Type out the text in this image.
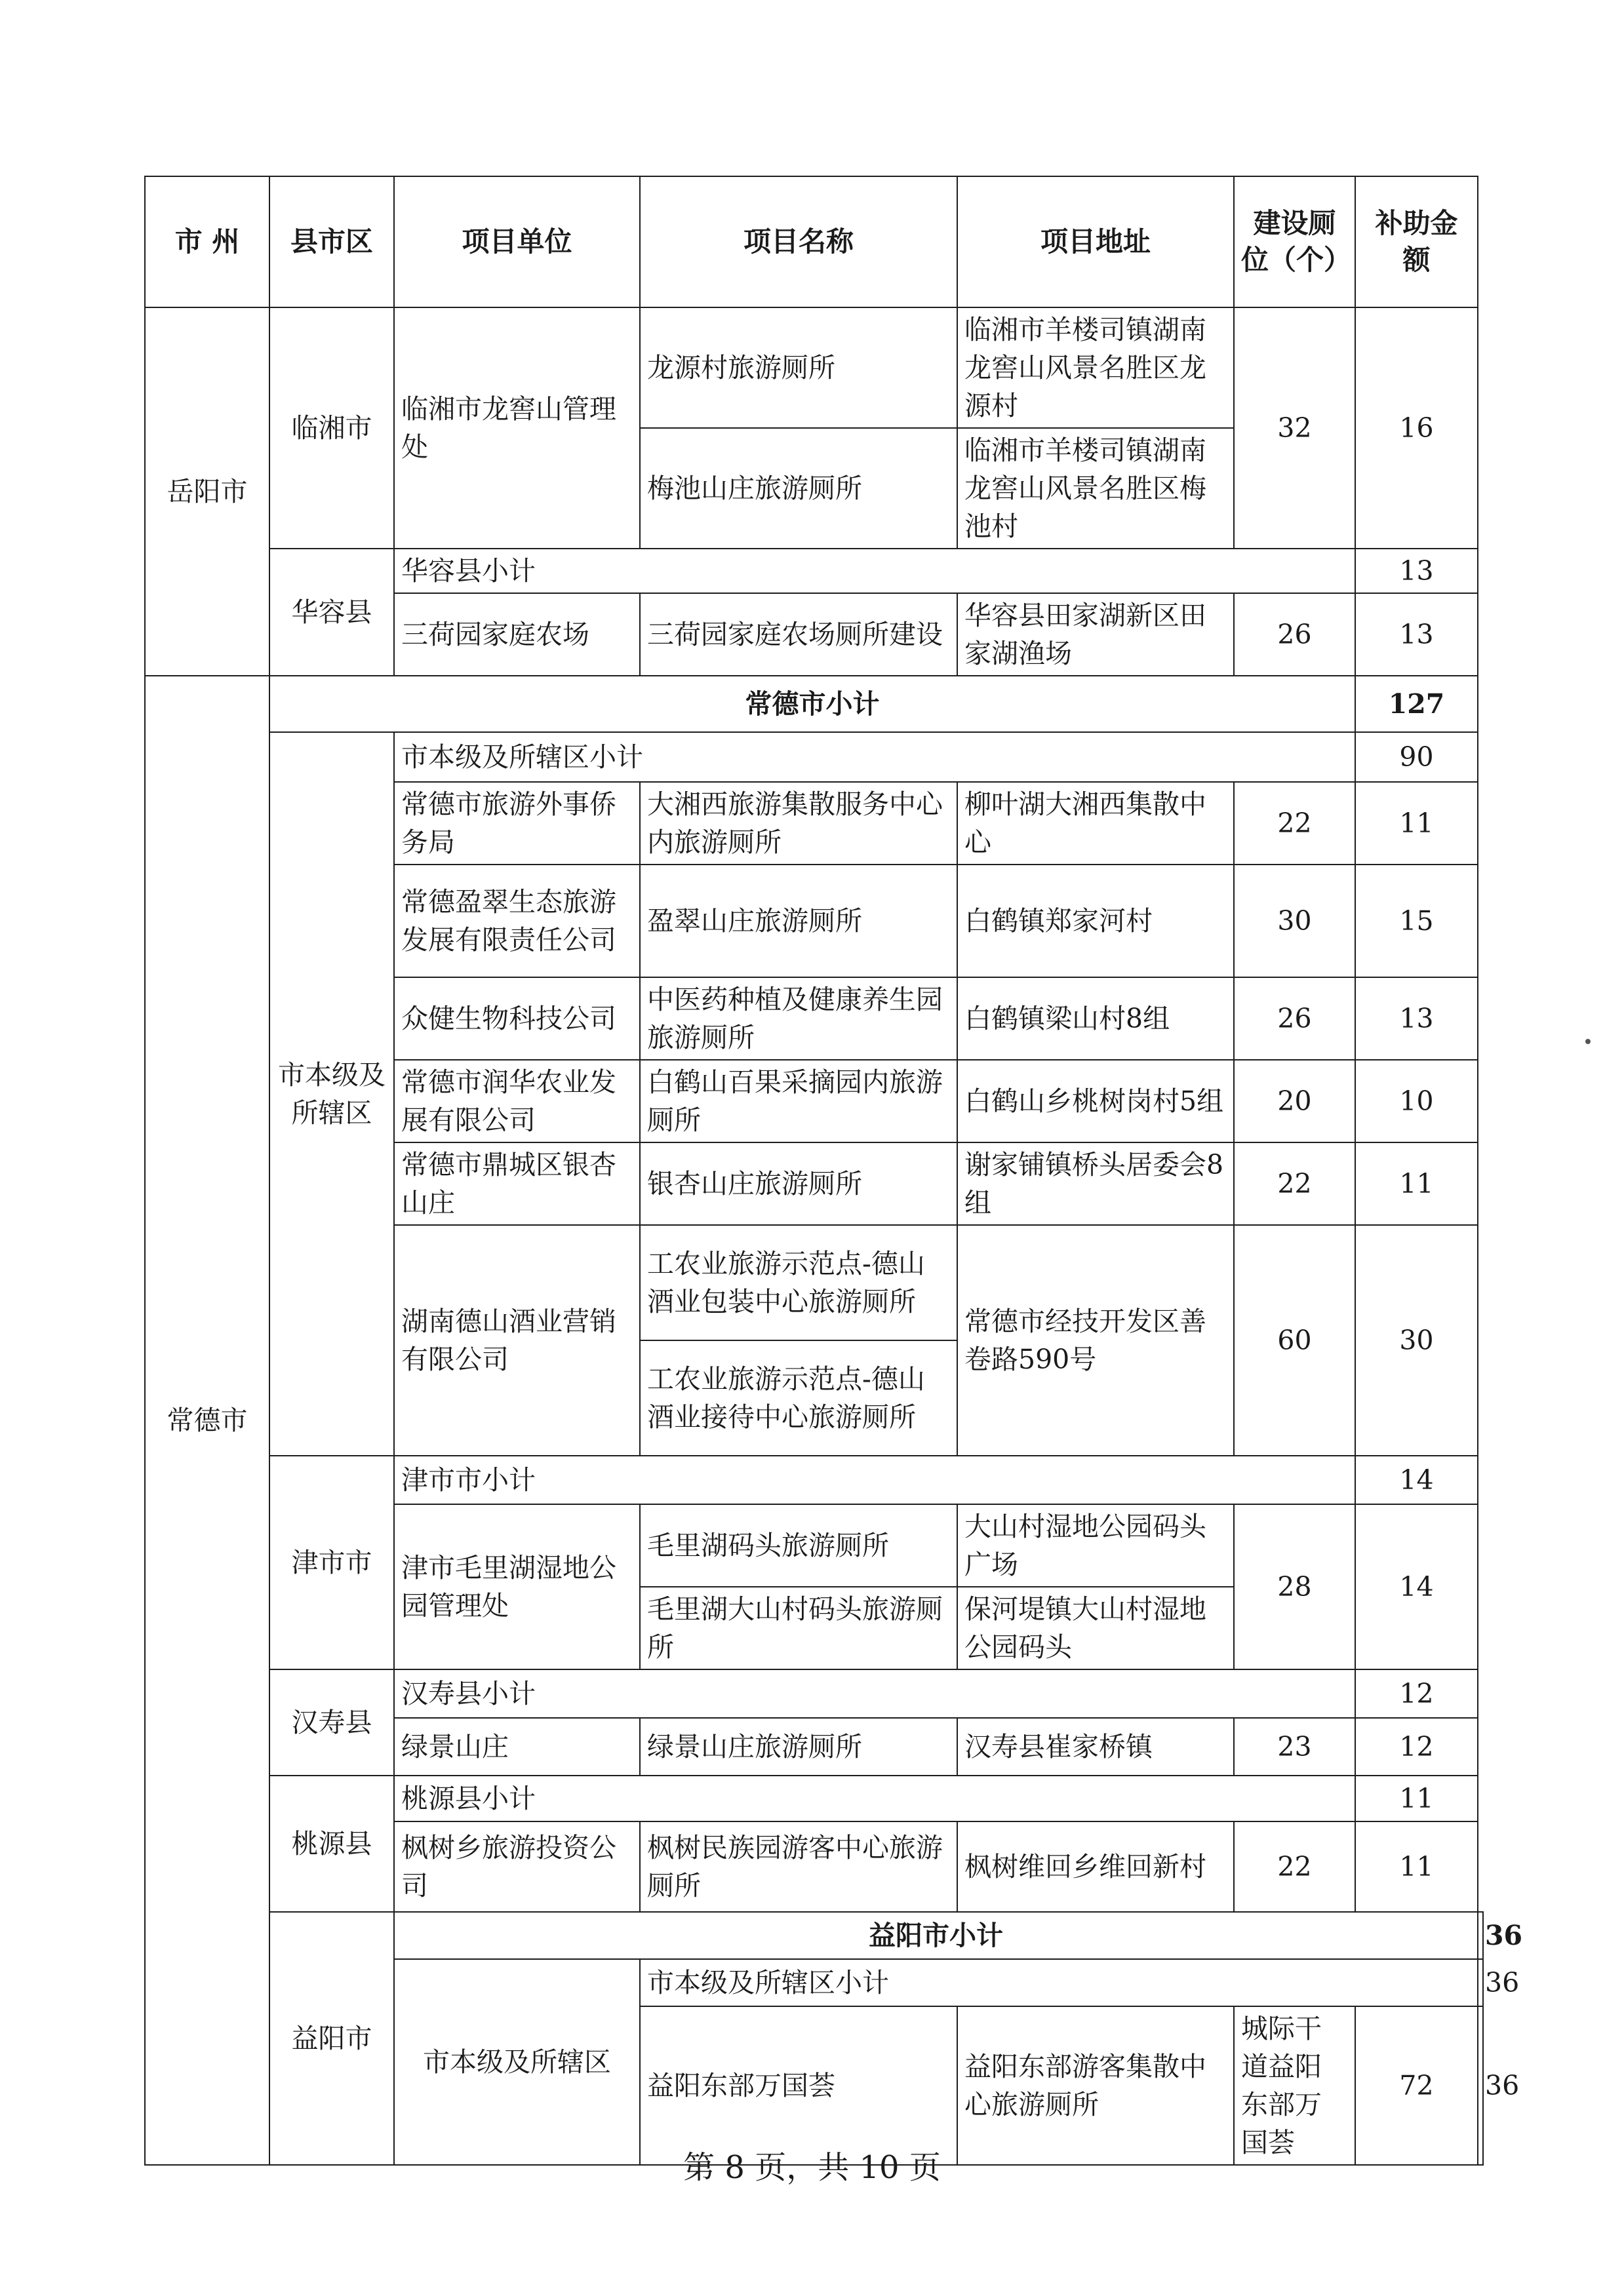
市 州	县市区	项目单位	项目名称	项目地址	建设厕位（个）	补助金额	
岳阳市	临湘市	临湘市龙窖山管理处	龙源村旅游厕所	临湘市羊楼司镇湖南龙窖山风景名胜区龙源村	32	16	
			梅池山庄旅游厕所	临湘市羊楼司镇湖南龙窖山风景名胜区梅池村			
	华容县	华容县小计				13	
		三荷园家庭农场	三荷园家庭农场厕所建设	华容县田家湖新区田家湖渔场	26	13	
常德市	常德市小计					127	
	市本级及所辖区	市本级及所辖区小计				90	
		常德市旅游外事侨务局	大湘西旅游集散服务中心内旅游厕所	柳叶湖大湘西集散中心	22	11	
		常德盈翠生态旅游发展有限责任公司	盈翠山庄旅游厕所	白鹤镇郑家河村	30	15	
		众健生物科技公司	中医药种植及健康养生园旅游厕所	白鹤镇梁山村8组	26	13	
		常德市润华农业发展有限公司	白鹤山百果采摘园内旅游厕所	白鹤山乡桃树岗村5组	20	10	
		常德市鼎城区银杏山庄	银杏山庄旅游厕所	谢家铺镇桥头居委会8组	22	11	
		湖南德山酒业营销有限公司	工农业旅游示范点-德山酒业包装中心旅游厕所	常德市经技开发区善卷路590号	60	30	
			工农业旅游示范点-德山酒业接待中心旅游厕所				
	津市市	津市市小计				14	
		津市毛里湖湿地公园管理处	毛里湖码头旅游厕所	大山村湿地公园码头广场	28	14	
			毛里湖大山村码头旅游厕所	保河堤镇大山村湿地公园码头			
	汉寿县	汉寿县小计				12	
		绿景山庄	绿景山庄旅游厕所	汉寿县崔家桥镇	23	12	
	桃源县	桃源县小计				11	
		枫树乡旅游投资公司	枫树民族园游客中心旅游厕所	枫树维回乡维回新村	22	11	
	益阳市	益阳市小计					36
		市本级及所辖区	市本级及所辖区小计				36
			益阳东部万国荟	益阳东部游客集散中心旅游厕所	城际干道益阳东部万国荟	72	36
第 8 页，共 10 页
